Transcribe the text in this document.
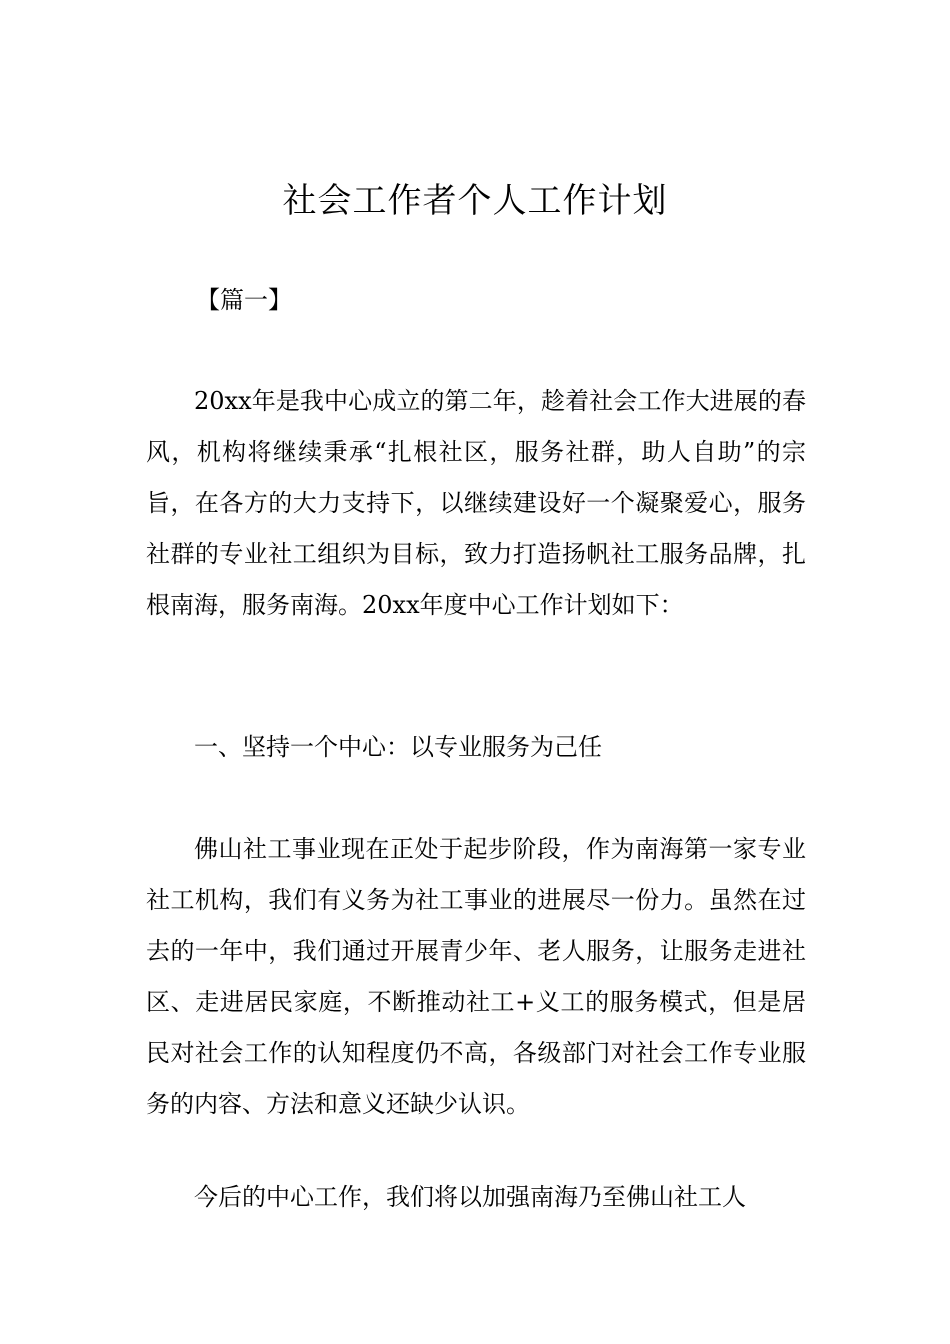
社会工作者个人工作计划
【篇一】
20xx年是我中心成立的第二年，趁着社会工作大进展的春风，机构将继续秉承“扎根社区，服务社群，助人自助”的宗旨，在各方的大力支持下，以继续建设好一个凝聚爱心，服务社群的专业社工组织为目标，致力打造扬帆社工服务品牌，扎根南海，服务南海。20xx年度中心工作计划如下：
一、坚持一个中心：以专业服务为己任
佛山社工事业现在正处于起步阶段，作为南海第一家专业社工机构，我们有义务为社工事业的进展尽一份力。虽然在过去的一年中，我们通过开展青少年、老人服务，让服务走进社区、走进居民家庭，不断推动社工+义工的服务模式，但是居民对社会工作的认知程度仍不高，各级部门对社会工作专业服务的内容、方法和意义还缺少认识。
今后的中心工作，我们将以加强南海乃至佛山社工人
